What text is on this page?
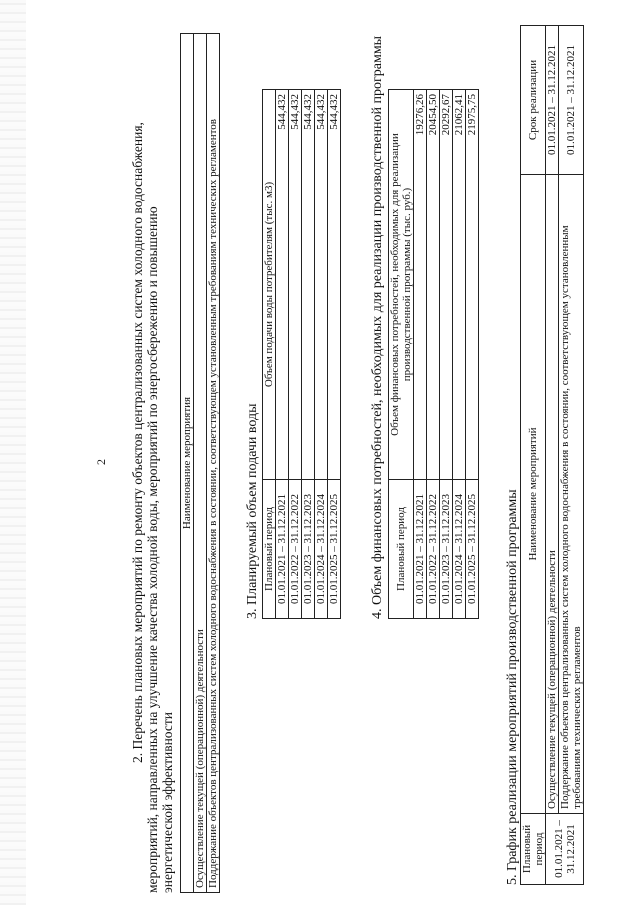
2 2. Перечень плановых мероприятий по ремонту объектов централизованных систем холодного водоснабжения, мероприятий, направленных на улучшение качества холодной воды, мероприятий по энергосбережению и повышению энергетической эффективности
Наименование мероприятия
Осуществление текущей (операционной) деятельности
Поддержание объектов централизованных систем холодного водоснабжения в состоянии, соответствующем установленным требованиям технических регламентов 3. Планируемый объем подачи воды Плановый период	Объем подачи воды потребителям (тыс. м3)
01.01.2021 – 31.12.2021	544,432
01.01.2022 – 31.12.2022	544,432
01.01.2023 – 31.12.2023	544,432
01.01.2024 – 31.12.2024	544,432
01.01.2025 – 31.12.2025	544,432 4. Объем финансовых потребностей, необходимых для реализации производственной программы Плановый период	Объем финансовых потребностей, необходимых для реализации производственной программы (тыс. руб.)
01.01.2021 – 31.12.2021	19276,26
01.01.2022 – 31.12.2022	20454,50
01.01.2023 – 31.12.2023	20292,67
01.01.2024 – 31.12.2024	21062,41
01.01.2025 – 31.12.2025	21975,75
5. График реализации мероприятий производственной программы Плановый период	Наименование мероприятий	Срок реализации
01.01.2021 – 31.12.2021	Осуществление текущей (операционной) деятельности	01.01.2021 – 31.12.2021
	Поддержание объектов централизованных систем холодного водоснабжения в состоянии, соответствующем установленным требованиям технических регламентов	01.01.2021 – 31.12.2021
